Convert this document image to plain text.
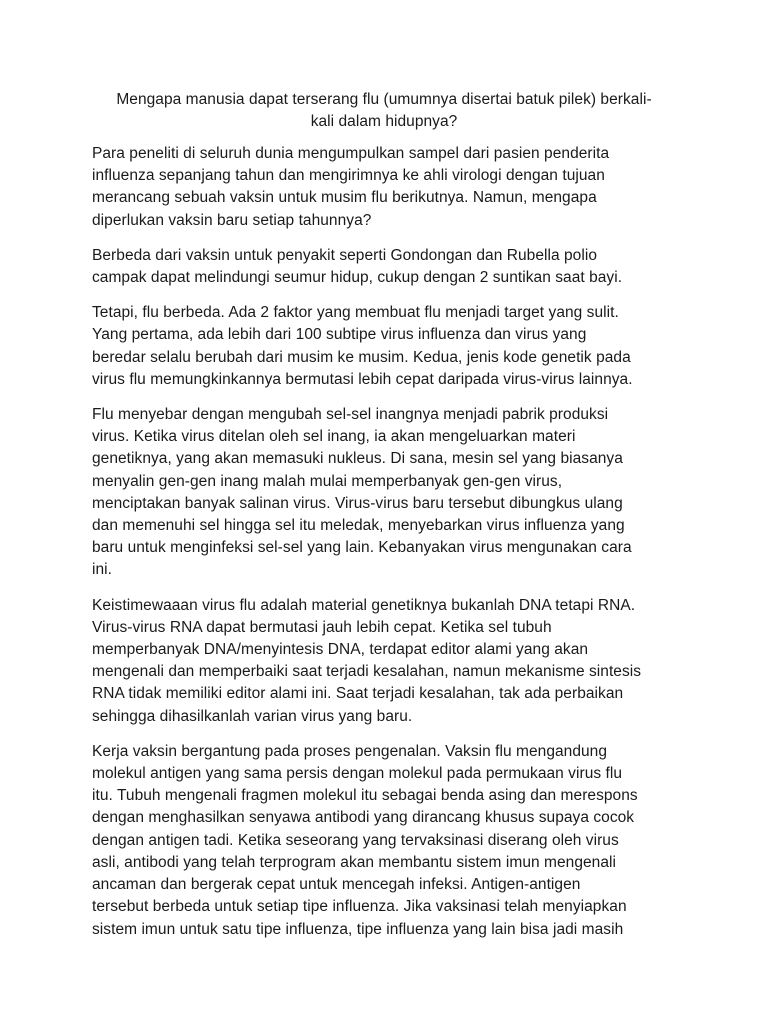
Mengapa manusia dapat terserang flu (umumnya disertai batuk pilek) berkali-
kali dalam hidupnya?

Para peneliti di seluruh dunia mengumpulkan sampel dari pasien penderita
influenza sepanjang tahun dan mengirimnya ke ahli virologi dengan tujuan
merancang sebuah vaksin untuk musim flu berikutnya. Namun, mengapa
diperlukan vaksin baru setiap tahunnya?

Berbeda dari vaksin untuk penyakit seperti Gondongan dan Rubella polio
campak dapat melindungi seumur hidup, cukup dengan 2 suntikan saat bayi.

Tetapi, flu berbeda. Ada 2 faktor yang membuat flu menjadi target yang sulit.
Yang pertama, ada lebih dari 100 subtipe virus influenza dan virus yang
beredar selalu berubah dari musim ke musim. Kedua, jenis kode genetik pada
virus flu memungkinkannya bermutasi lebih cepat daripada virus-virus lainnya.

Flu menyebar dengan mengubah sel-sel inangnya menjadi pabrik produksi
virus. Ketika virus ditelan oleh sel inang, ia akan mengeluarkan materi
genetiknya, yang akan memasuki nukleus. Di sana, mesin sel yang biasanya
menyalin gen-gen inang malah mulai memperbanyak gen-gen virus,
menciptakan banyak salinan virus. Virus-virus baru tersebut dibungkus ulang
dan memenuhi sel hingga sel itu meledak, menyebarkan virus influenza yang
baru untuk menginfeksi sel-sel yang lain. Kebanyakan virus mengunakan cara
ini.

Keistimewaaan virus flu adalah material genetiknya bukanlah DNA tetapi RNA.
Virus-virus RNA dapat bermutasi jauh lebih cepat. Ketika sel tubuh
memperbanyak DNA/menyintesis DNA, terdapat editor alami yang akan
mengenali dan memperbaiki saat terjadi kesalahan, namun mekanisme sintesis
RNA tidak memiliki editor alami ini. Saat terjadi kesalahan, tak ada perbaikan
sehingga dihasilkanlah varian virus yang baru.

Kerja vaksin bergantung pada proses pengenalan. Vaksin flu mengandung
molekul antigen yang sama persis dengan molekul pada permukaan virus flu
itu. Tubuh mengenali fragmen molekul itu sebagai benda asing dan merespons
dengan menghasilkan senyawa antibodi yang dirancang khusus supaya cocok
dengan antigen tadi. Ketika seseorang yang tervaksinasi diserang oleh virus
asli, antibodi yang telah terprogram akan membantu sistem imun mengenali
ancaman dan bergerak cepat untuk mencegah infeksi. Antigen-antigen
tersebut berbeda untuk setiap tipe influenza. Jika vaksinasi telah menyiapkan
sistem imun untuk satu tipe influenza, tipe influenza yang lain bisa jadi masih
